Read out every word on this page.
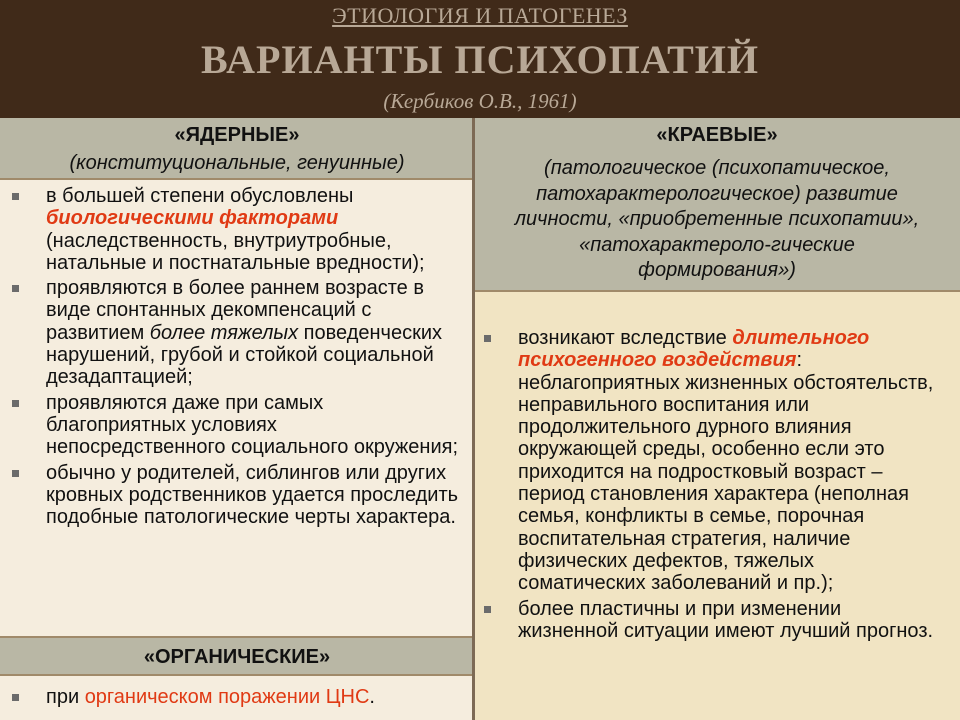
ЭТИОЛОГИЯ И ПАТОГЕНЕЗ
ВАРИАНТЫ ПСИХОПАТИЙ
(Кербиков О.В., 1961)
«ЯДЕРНЫЕ»
(конституциональные, генуинные)
в большей степени обусловлены биологическими факторами (наследственность, внутриутробные, натальные и постнатальные вредности);
проявляются в более раннем возрасте в виде спонтанных декомпенсаций с развитием более тяжелых поведенческих нарушений, грубой и стойкой социальной дезадаптацией;
проявляются даже при самых благоприятных условиях непосредственного социального окружения;
обычно у родителей, сиблингов или других кровных родственников удается проследить подобные патологические черты характера.
«ОРГАНИЧЕСКИЕ»
при органическом поражении ЦНС.
«КРАЕВЫЕ»
(патологическое (психопатическое, патохарактерологическое) развитие личности, «приобретенные психопатии», «патохарактероло-гические формирования»)
возникают вследствие длительного психогенного воздействия: неблагоприятных жизненных обстоятельств, неправильного воспитания или продолжительного дурного влияния окружающей среды, особенно если это приходится на подростковый возраст – период становления характера (неполная семья, конфликты в семье, порочная воспитательная стратегия, наличие физических дефектов, тяжелых соматических заболеваний и пр.);
более пластичны и при изменении жизненной ситуации имеют лучший прогноз.
